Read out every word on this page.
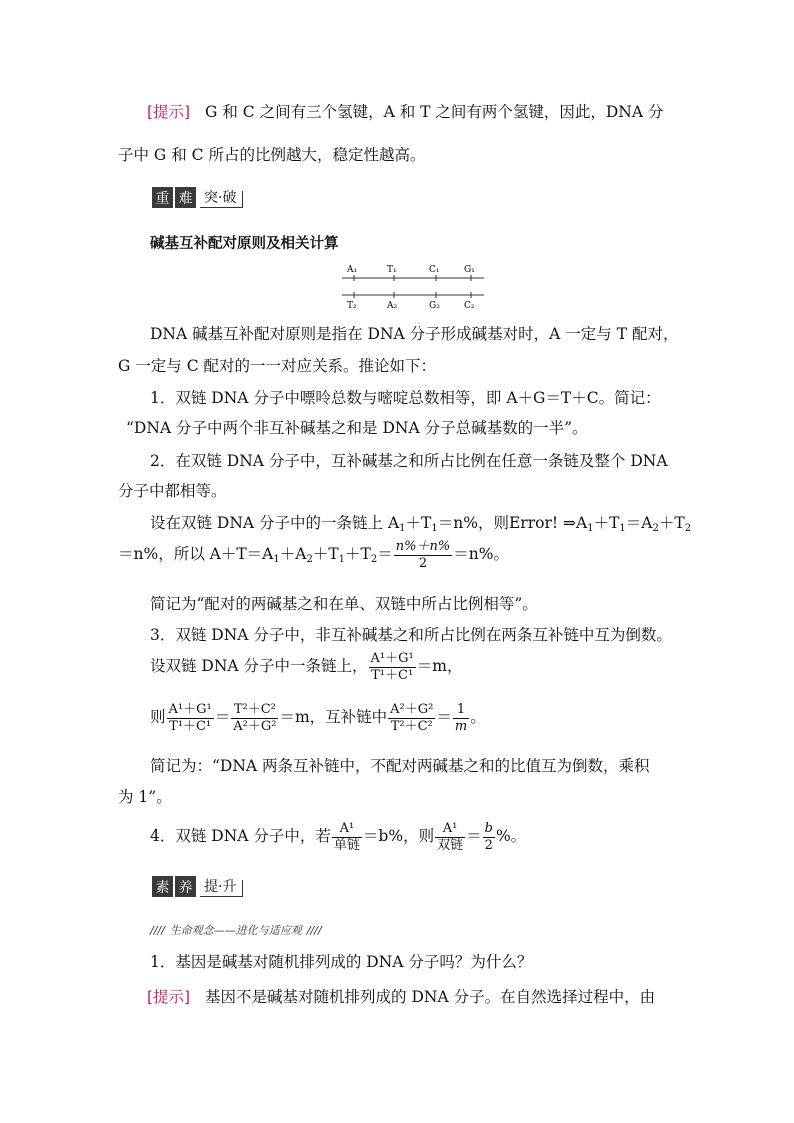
[提示] G 和 C 之间有三个氢键，A 和 T 之间有两个氢键，因此，DNA 分
子中 G 和 C 所占的比例越大，稳定性越高。
重 难 突·破
碱基互补配对原则及相关计算
A₁	T₁	C₁	G₁
T₂	A₂	G₂	C₂
DNA 碱基互补配对原则是指在 DNA 分子形成碱基对时，A 一定与 T 配对，
G 一定与 C 配对的一一对应关系。推论如下：
1．双链 DNA 分子中嘌呤总数与嘧啶总数相等，即 A＋G＝T＋C。简记：
“DNA 分子中两个非互补碱基之和是 DNA 分子总碱基数的一半”。
2．在双链 DNA 分子中，互补碱基之和所占比例在任意一条链及整个 DNA
分子中都相等。
设在双链 DNA 分子中的一条链上 $A_1+T_1=n\%$，则Error! $\Rightarrow A_1+T_1=A_2+T_2$
＝n%，所以 $A+T=A_1+A_2+T_1+T_2= \frac{n\%+n\%}{2} =n\%$。
简记为“配对的两碱基之和在单、双链中所占比例相等”。
3．双链 DNA 分子中，非互补碱基之和所占比例在两条互补链中互为倒数。
设双链 DNA 分子中一条链上， $\frac{\text{A¹＋G¹}}{\text{T¹＋C¹}} =m$，
则 $\frac{\text{A¹＋G¹}}{\text{T¹＋C¹}} = \frac{\text{T²＋C²}}{\text{A²＋G²}} =m$，互补链中 $\frac{\text{A²＋G²}}{\text{T²＋C²}} = \frac{1}{m}$ 。
简记为：“DNA 两条互补链中，不配对两碱基之和的比值互为倒数，乘积
为 1”。
4．双链 DNA 分子中，若 $\frac{\text{A¹}}{\text{单链}} =b\%$，则 $\frac{\text{A¹}}{\text{双链}} = \frac{b}{2}$ %。
素 养 提·升
//// 生命观念——进化与适应观 ////
1．基因是碱基对随机排列成的 DNA 分子吗？为什么？
[提示] 基因不是碱基对随机排列成的 DNA 分子。在自然选择过程中，由
